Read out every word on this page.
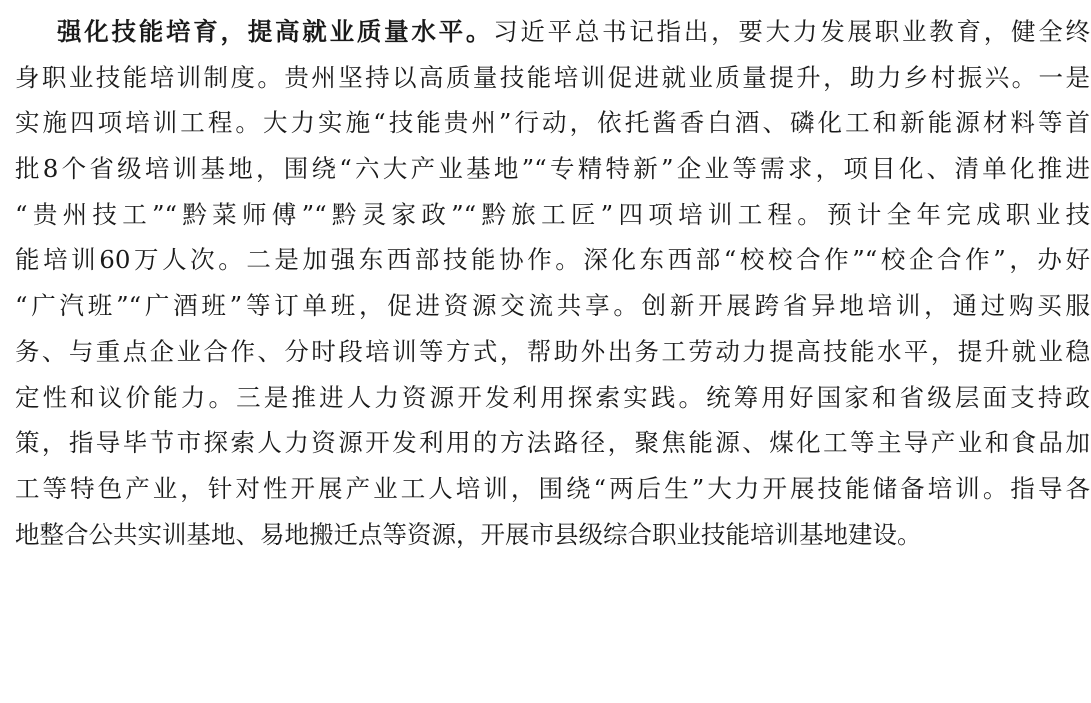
强化技能培育，提高就业质量水平。习近平总书记指出，要大力发展职业教育，健全终
身职业技能培训制度。贵州坚持以高质量技能培训促进就业质量提升，助力乡村振兴。一是
实施四项培训工程。大力实施“技能贵州”行动，依托酱香白酒、磷化工和新能源材料等首
批8个省级培训基地，围绕“六大产业基地”“专精特新”企业等需求，项目化、清单化推进
“贵州技工”“黔菜师傅”“黔灵家政”“黔旅工匠”四项培训工程。预计全年完成职业技
能培训60万人次。二是加强东西部技能协作。深化东西部“校校合作”“校企合作”，办好
“广汽班”“广酒班”等订单班，促进资源交流共享。创新开展跨省异地培训，通过购买服
务、与重点企业合作、分时段培训等方式，帮助外出务工劳动力提高技能水平，提升就业稳
定性和议价能力。三是推进人力资源开发利用探索实践。统筹用好国家和省级层面支持政
策，指导毕节市探索人力资源开发利用的方法路径，聚焦能源、煤化工等主导产业和食品加
工等特色产业，针对性开展产业工人培训，围绕“两后生”大力开展技能储备培训。指导各
地整合公共实训基地、易地搬迁点等资源，开展市县级综合职业技能培训基地建设。
